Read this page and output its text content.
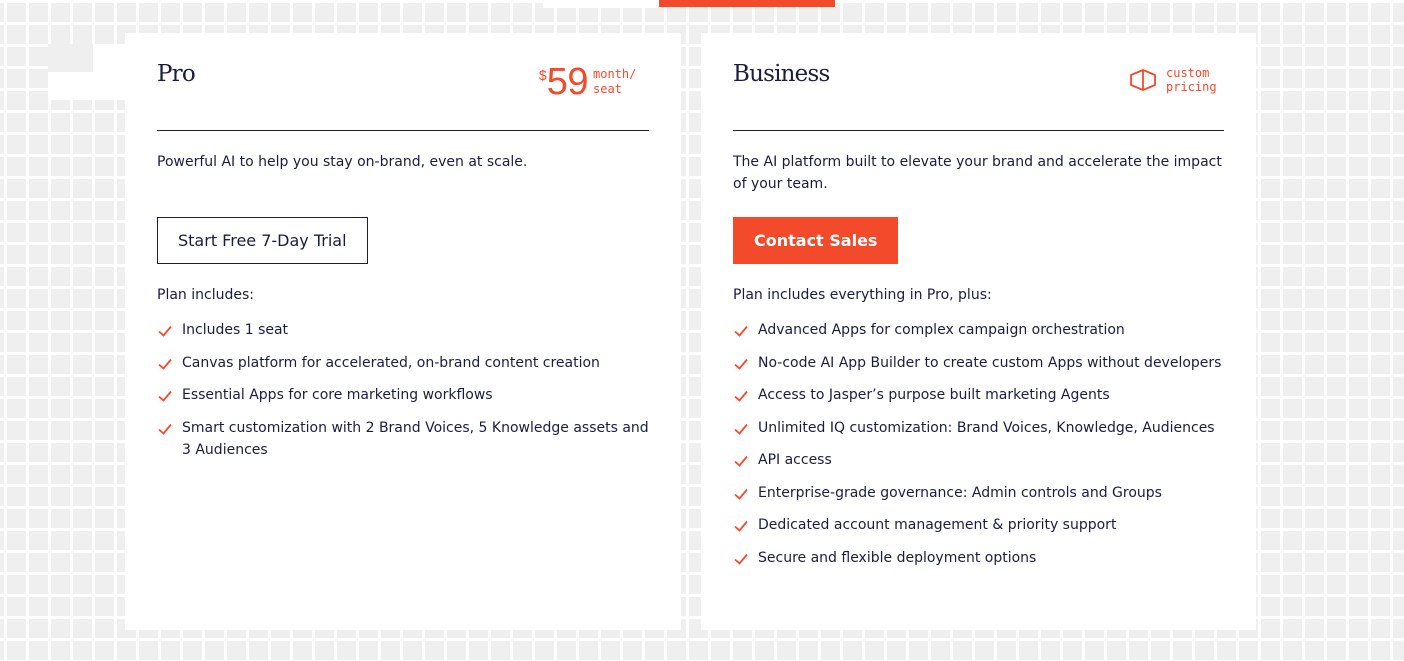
Pro	$ 59 month/ seat

Powerful AI to help you stay on-brand, even at scale.

Start Free 7-Day Trial
Plan includes:
Includes 1 seat
Canvas platform for accelerated, on-brand content creation
Essential Apps for core marketing workflows
Smart customization with 2 Brand Voices, 5 Knowledge assets and 3 Audiences
Business	custom pricing

The AI platform built to elevate your brand and accelerate the impact of your team.

Contact Sales
Plan includes everything in Pro, plus:
Advanced Apps for complex campaign orchestration
No-code AI App Builder to create custom Apps without developers
Access to Jasper’s purpose built marketing Agents
Unlimited IQ customization: Brand Voices, Knowledge, Audiences
API access
Enterprise-grade governance: Admin controls and Groups
Dedicated account management & priority support
Secure and flexible deployment options
